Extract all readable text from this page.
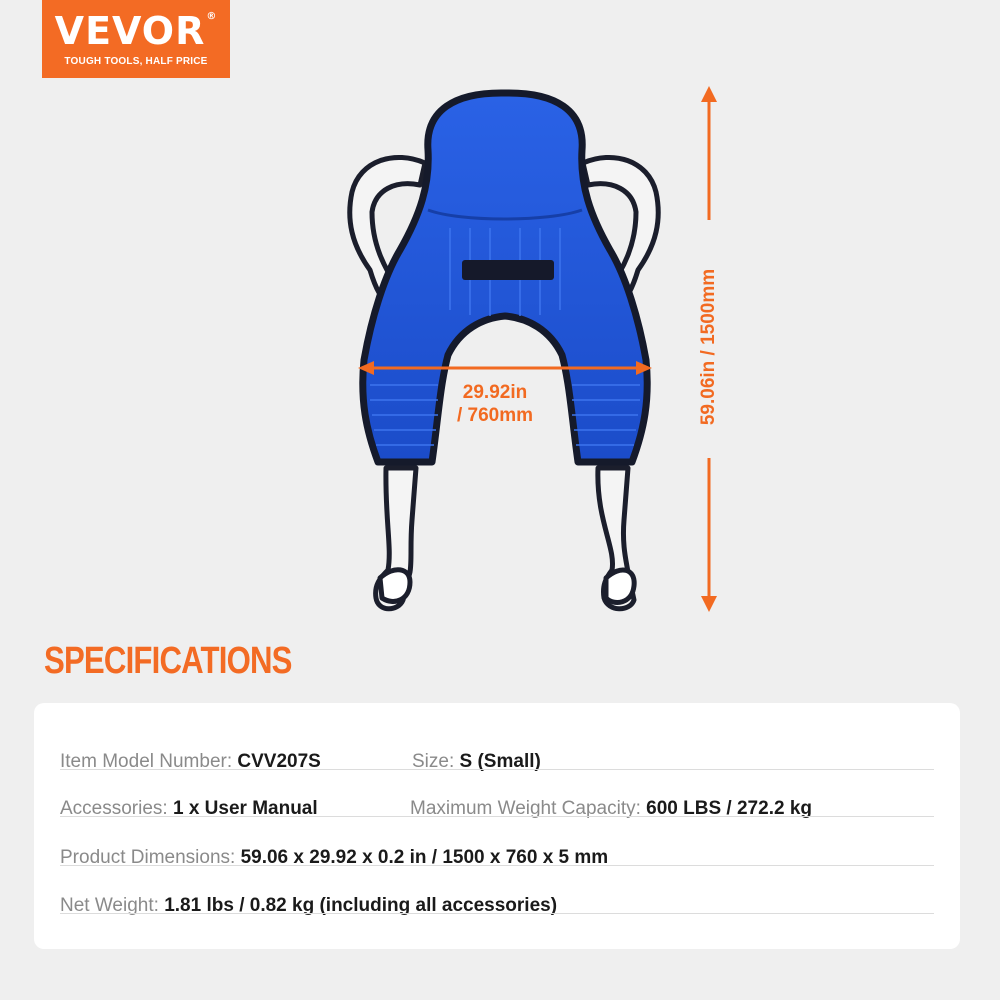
VEVOR®
TOUGH TOOLS, HALF PRICE
29.92in
/ 760mm	59.06in / 1500mm
SPECIFICATIONS
Item Model Number: CVV207S	Size: S (Small)
Accessories: 1 x User Manual	Maximum Weight Capacity: 600 LBS / 272.2 kg
Product Dimensions: 59.06 x 29.92 x 0.2 in / 1500 x 760 x 5 mm
Net Weight: 1.81 lbs / 0.82 kg (including all accessories)
